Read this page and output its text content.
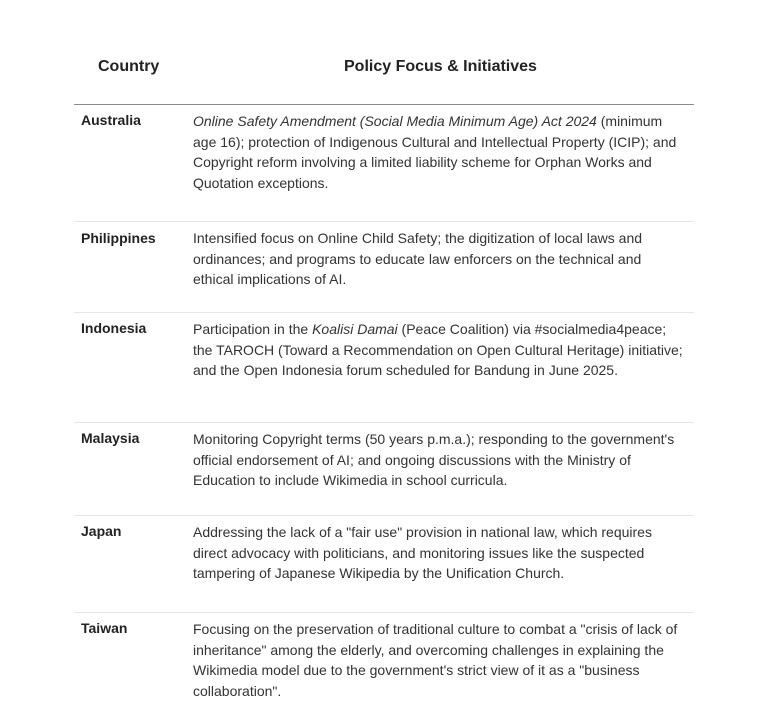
Country	Policy Focus & Initiatives
Australia	Online Safety Amendment (Social Media Minimum Age) Act 2024 (minimum age 16); protection of Indigenous Cultural and Intellectual Property (ICIP); and Copyright reform involving a limited liability scheme for Orphan Works and Quotation exceptions.
Philippines	Intensified focus on Online Child Safety; the digitization of local laws and ordinances; and programs to educate law enforcers on the technical and ethical implications of AI.
Indonesia	Participation in the Koalisi Damai (Peace Coalition) via #socialmedia4peace; the TAROCH (Toward a Recommendation on Open Cultural Heritage) initiative; and the Open Indonesia forum scheduled for Bandung in June 2025.
Malaysia	Monitoring Copyright terms (50 years p.m.a.); responding to the government's official endorsement of AI; and ongoing discussions with the Ministry of Education to include Wikimedia in school curricula.
Japan	Addressing the lack of a "fair use" provision in national law, which requires direct advocacy with politicians, and monitoring issues like the suspected tampering of Japanese Wikipedia by the Unification Church.
Taiwan	Focusing on the preservation of traditional culture to combat a "crisis of lack of inheritance" among the elderly, and overcoming challenges in explaining the Wikimedia model due to the government's strict view of it as a "business collaboration".
